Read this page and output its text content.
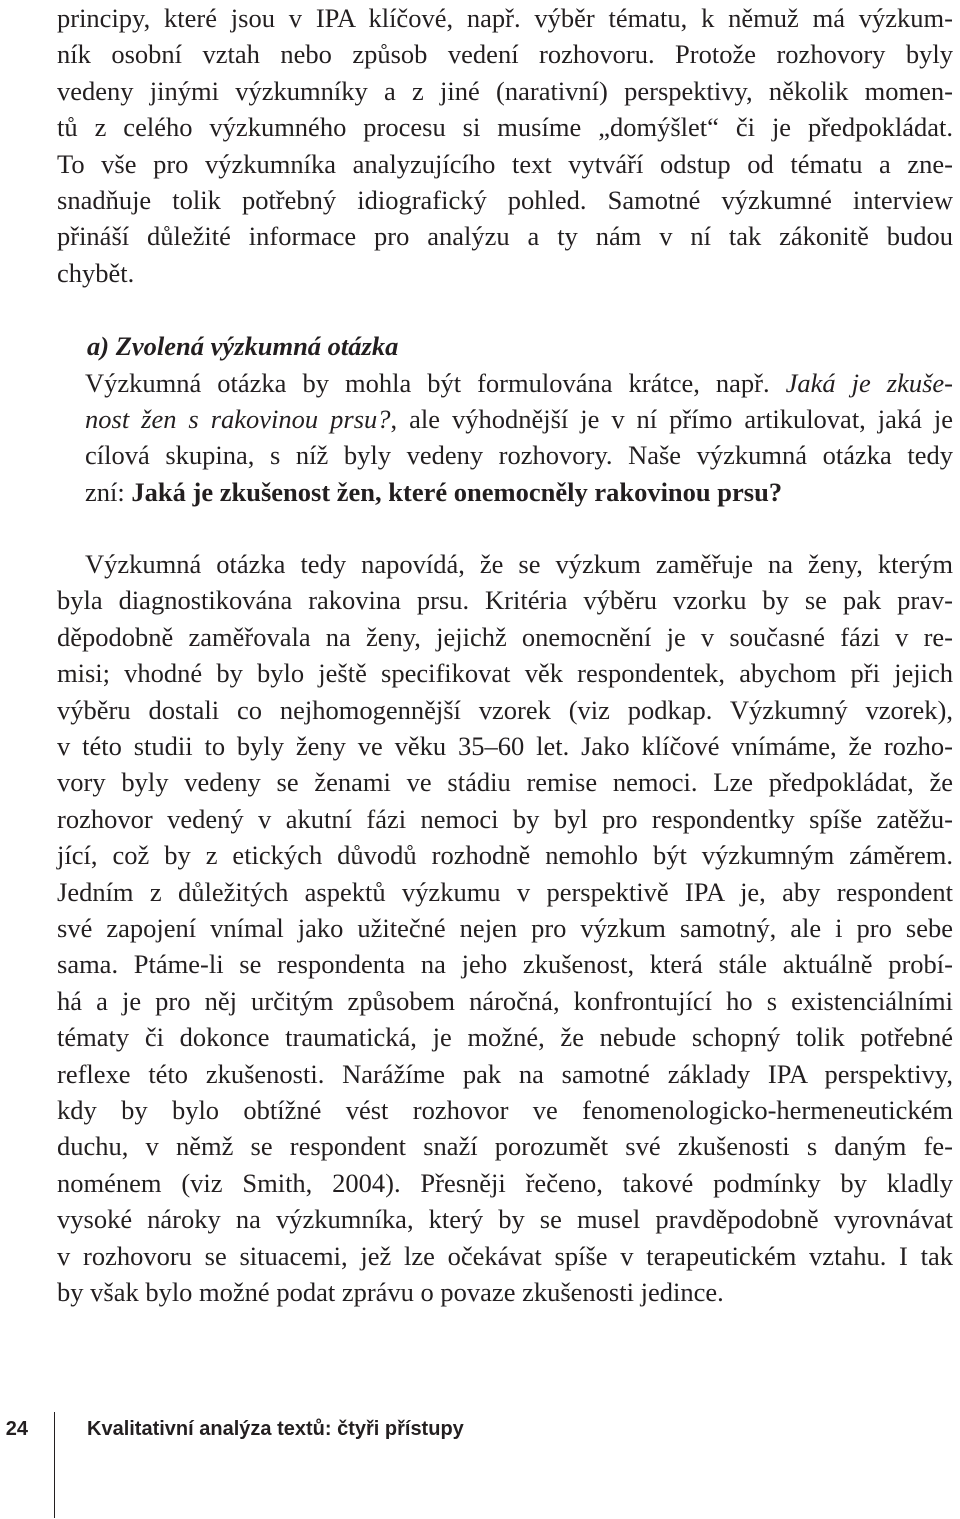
principy, které jsou v IPA klíčové, např. výběr tématu, k němuž má výzkum-
ník osobní vztah nebo způsob vedení rozhovoru. Protože rozhovory byly
vedeny jinými výzkumníky a z jiné (narativní) perspektivy, několik momen-
tů z celého výzkumného procesu si musíme „domýšlet“ či je předpokládat.
To vše pro výzkumníka analyzujícího text vytváří odstup od tématu a zne-
snadňuje tolik potřebný idiografický pohled. Samotné výzkumné interview
přináší důležité informace pro analýzu a ty nám v ní tak zákonitě budou
chybět.
a) Zvolená výzkumná otázka
Výzkumná otázka by mohla být formulována krátce, např. Jaká je zkuše-
nost žen s rakovinou prsu?, ale výhodnější je v ní přímo artikulovat, jaká je
cílová skupina, s níž byly vedeny rozhovory. Naše výzkumná otázka tedy
zní: Jaká je zkušenost žen, které onemocněly rakovinou prsu?
Výzkumná otázka tedy napovídá, že se výzkum zaměřuje na ženy, kterým
byla diagnostikována rakovina prsu. Kritéria výběru vzorku by se pak prav-
děpodobně zaměřovala na ženy, jejichž onemocnění je v současné fázi v re-
misi; vhodné by bylo ještě specifikovat věk respondentek, abychom při jejich
výběru dostali co nejhomogennější vzorek (viz podkap. Výzkumný vzorek),
v této studii to byly ženy ve věku 35–60 let. Jako klíčové vnímáme, že rozho-
vory byly vedeny se ženami ve stádiu remise nemoci. Lze předpokládat, že
rozhovor vedený v akutní fázi nemoci by byl pro respondentky spíše zatěžu-
jící, což by z etických důvodů rozhodně nemohlo být výzkumným záměrem.
Jedním z důležitých aspektů výzkumu v perspektivě IPA je, aby respondent
své zapojení vnímal jako užitečné nejen pro výzkum samotný, ale i pro sebe
sama. Ptáme-li se respondenta na jeho zkušenost, která stále aktuálně probí-
há a je pro něj určitým způsobem náročná, konfrontující ho s existenciálními
tématy či dokonce traumatická, je možné, že nebude schopný tolik potřebné
reflexe této zkušenosti. Narážíme pak na samotné základy IPA perspektivy,
kdy by bylo obtížné vést rozhovor ve fenomenologicko-hermeneutickém
duchu, v němž se respondent snaží porozumět své zkušenosti s daným fe-
noménem (viz Smith, 2004). Přesněji řečeno, takové podmínky by kladly
vysoké nároky na výzkumníka, který by se musel pravděpodobně vyrovnávat
v rozhovoru se situacemi, jež lze očekávat spíše v terapeutickém vztahu. I tak
by však bylo možné podat zprávu o povaze zkušenosti jedince.
24	Kvalitativní analýza textů: čtyři přístupy
